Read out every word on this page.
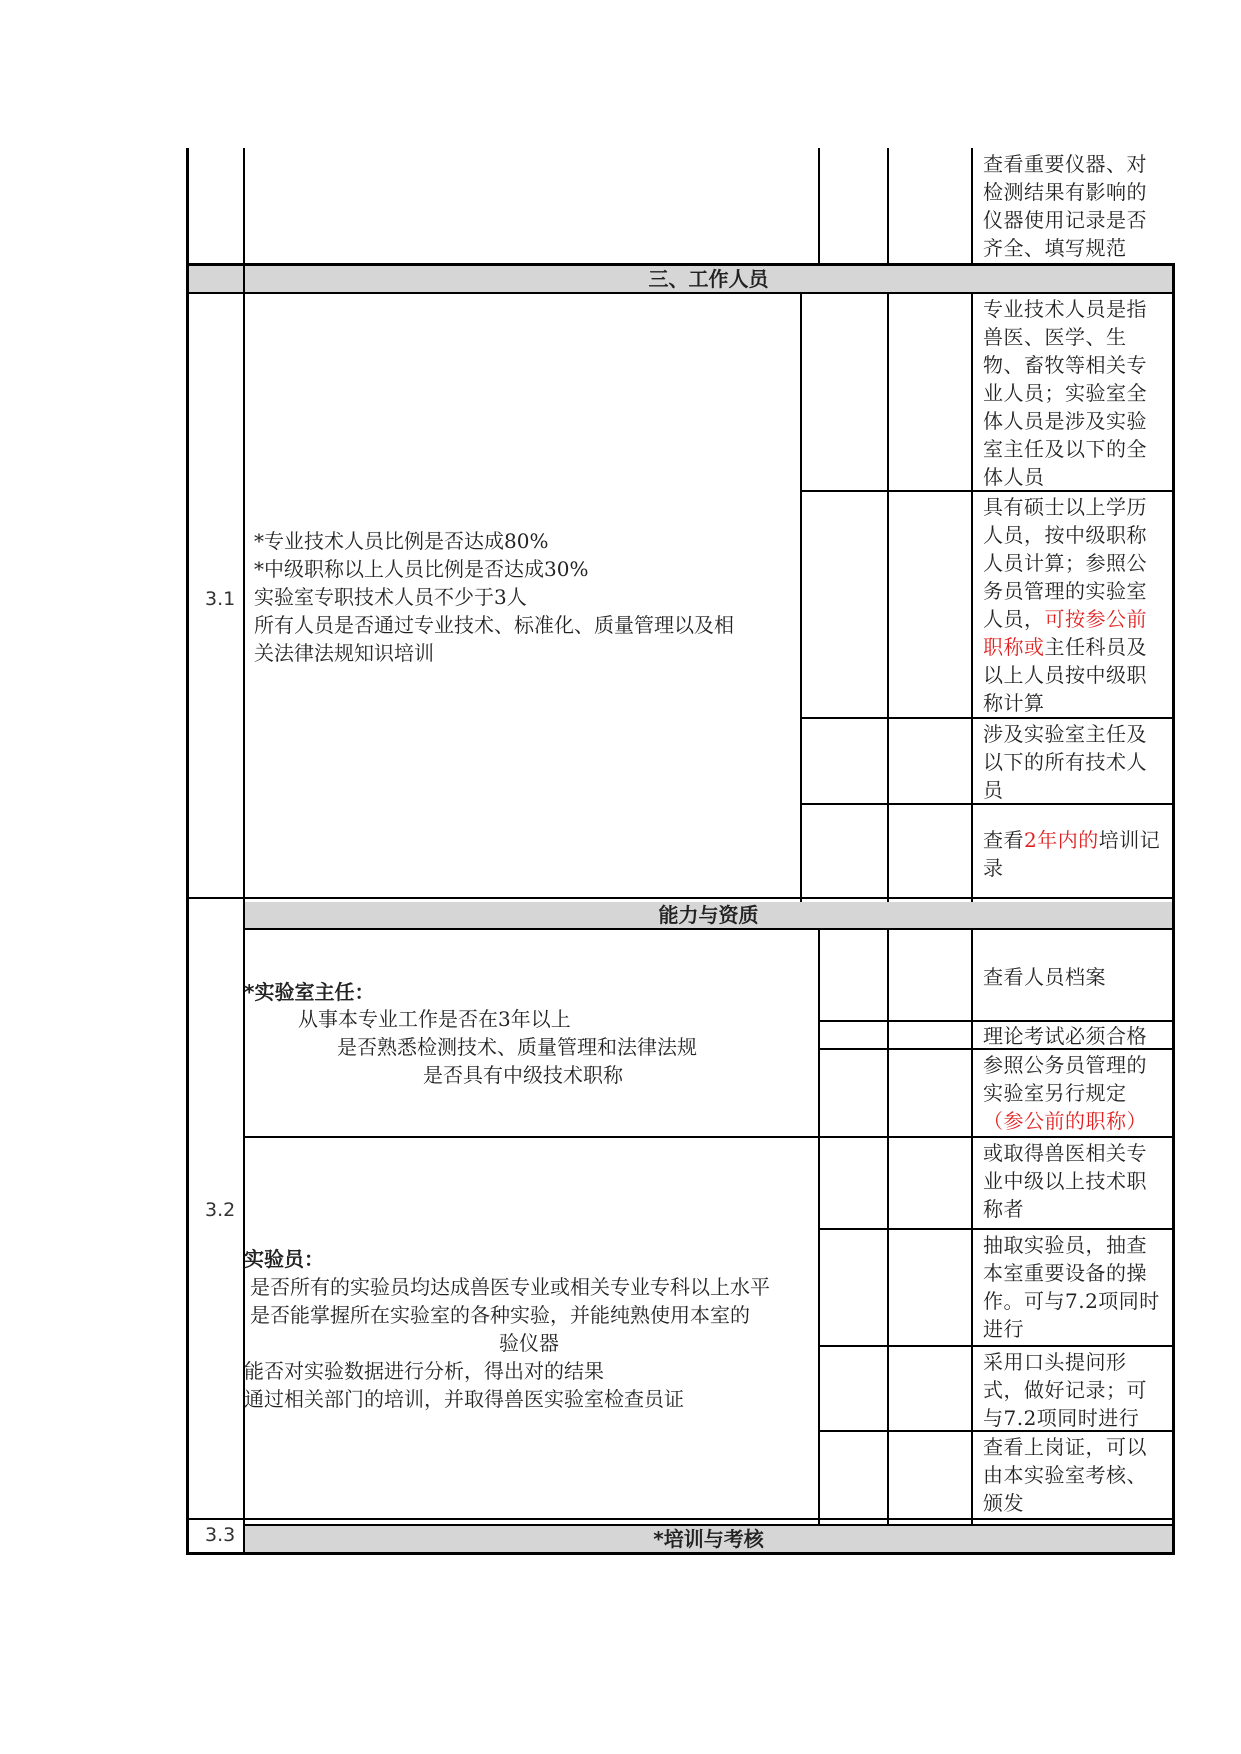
查看重要仪器、对检测结果有影响的仪器使用记录是否齐全、填写规范
三、工作人员
3.1
*专业技术人员比例是否达成80%
*中级职称以上人员比例是否达成30%
实验室专职技术人员不少于3人
所有人员是否通过专业技术、标准化、质量管理以及相
关法律法规知识培训
专业技术人员是指兽医、医学、生物、畜牧等相关专业人员；实验室全体人员是涉及实验室主任及以下的全体人员
具有硕士以上学历人员，按中级职称人员计算；参照公务员管理的实验室人员，可按参公前职称或主任科员及以上人员按中级职称计算
涉及实验室主任及以下的所有技术人员
查看2年内的培训记录
3.2
能力与资质
*实验室主任：
从事本专业工作是否在3年以上
是否熟悉检测技术、质量管理和法律法规
是否具有中级技术职称
实验员：
是否所有的实验员均达成兽医专业或相关专业专科以上水平
是否能掌握所在实验室的各种实验，并能纯熟使用本室的
验仪器
能否对实验数据进行分析，得出对的结果
通过相关部门的培训，并取得兽医实验室检查员证
查看人员档案
理论考试必须合格
参照公务员管理的实验室另行规定（参公前的职称）
或取得兽医相关专业中级以上技术职称者
抽取实验员，抽查本室重要设备的操作。可与7.2项同时进行
采用口头提问形式，做好记录；可与7.2项同时进行
查看上岗证，可以由本实验室考核、颁发
3.3	*培训与考核
